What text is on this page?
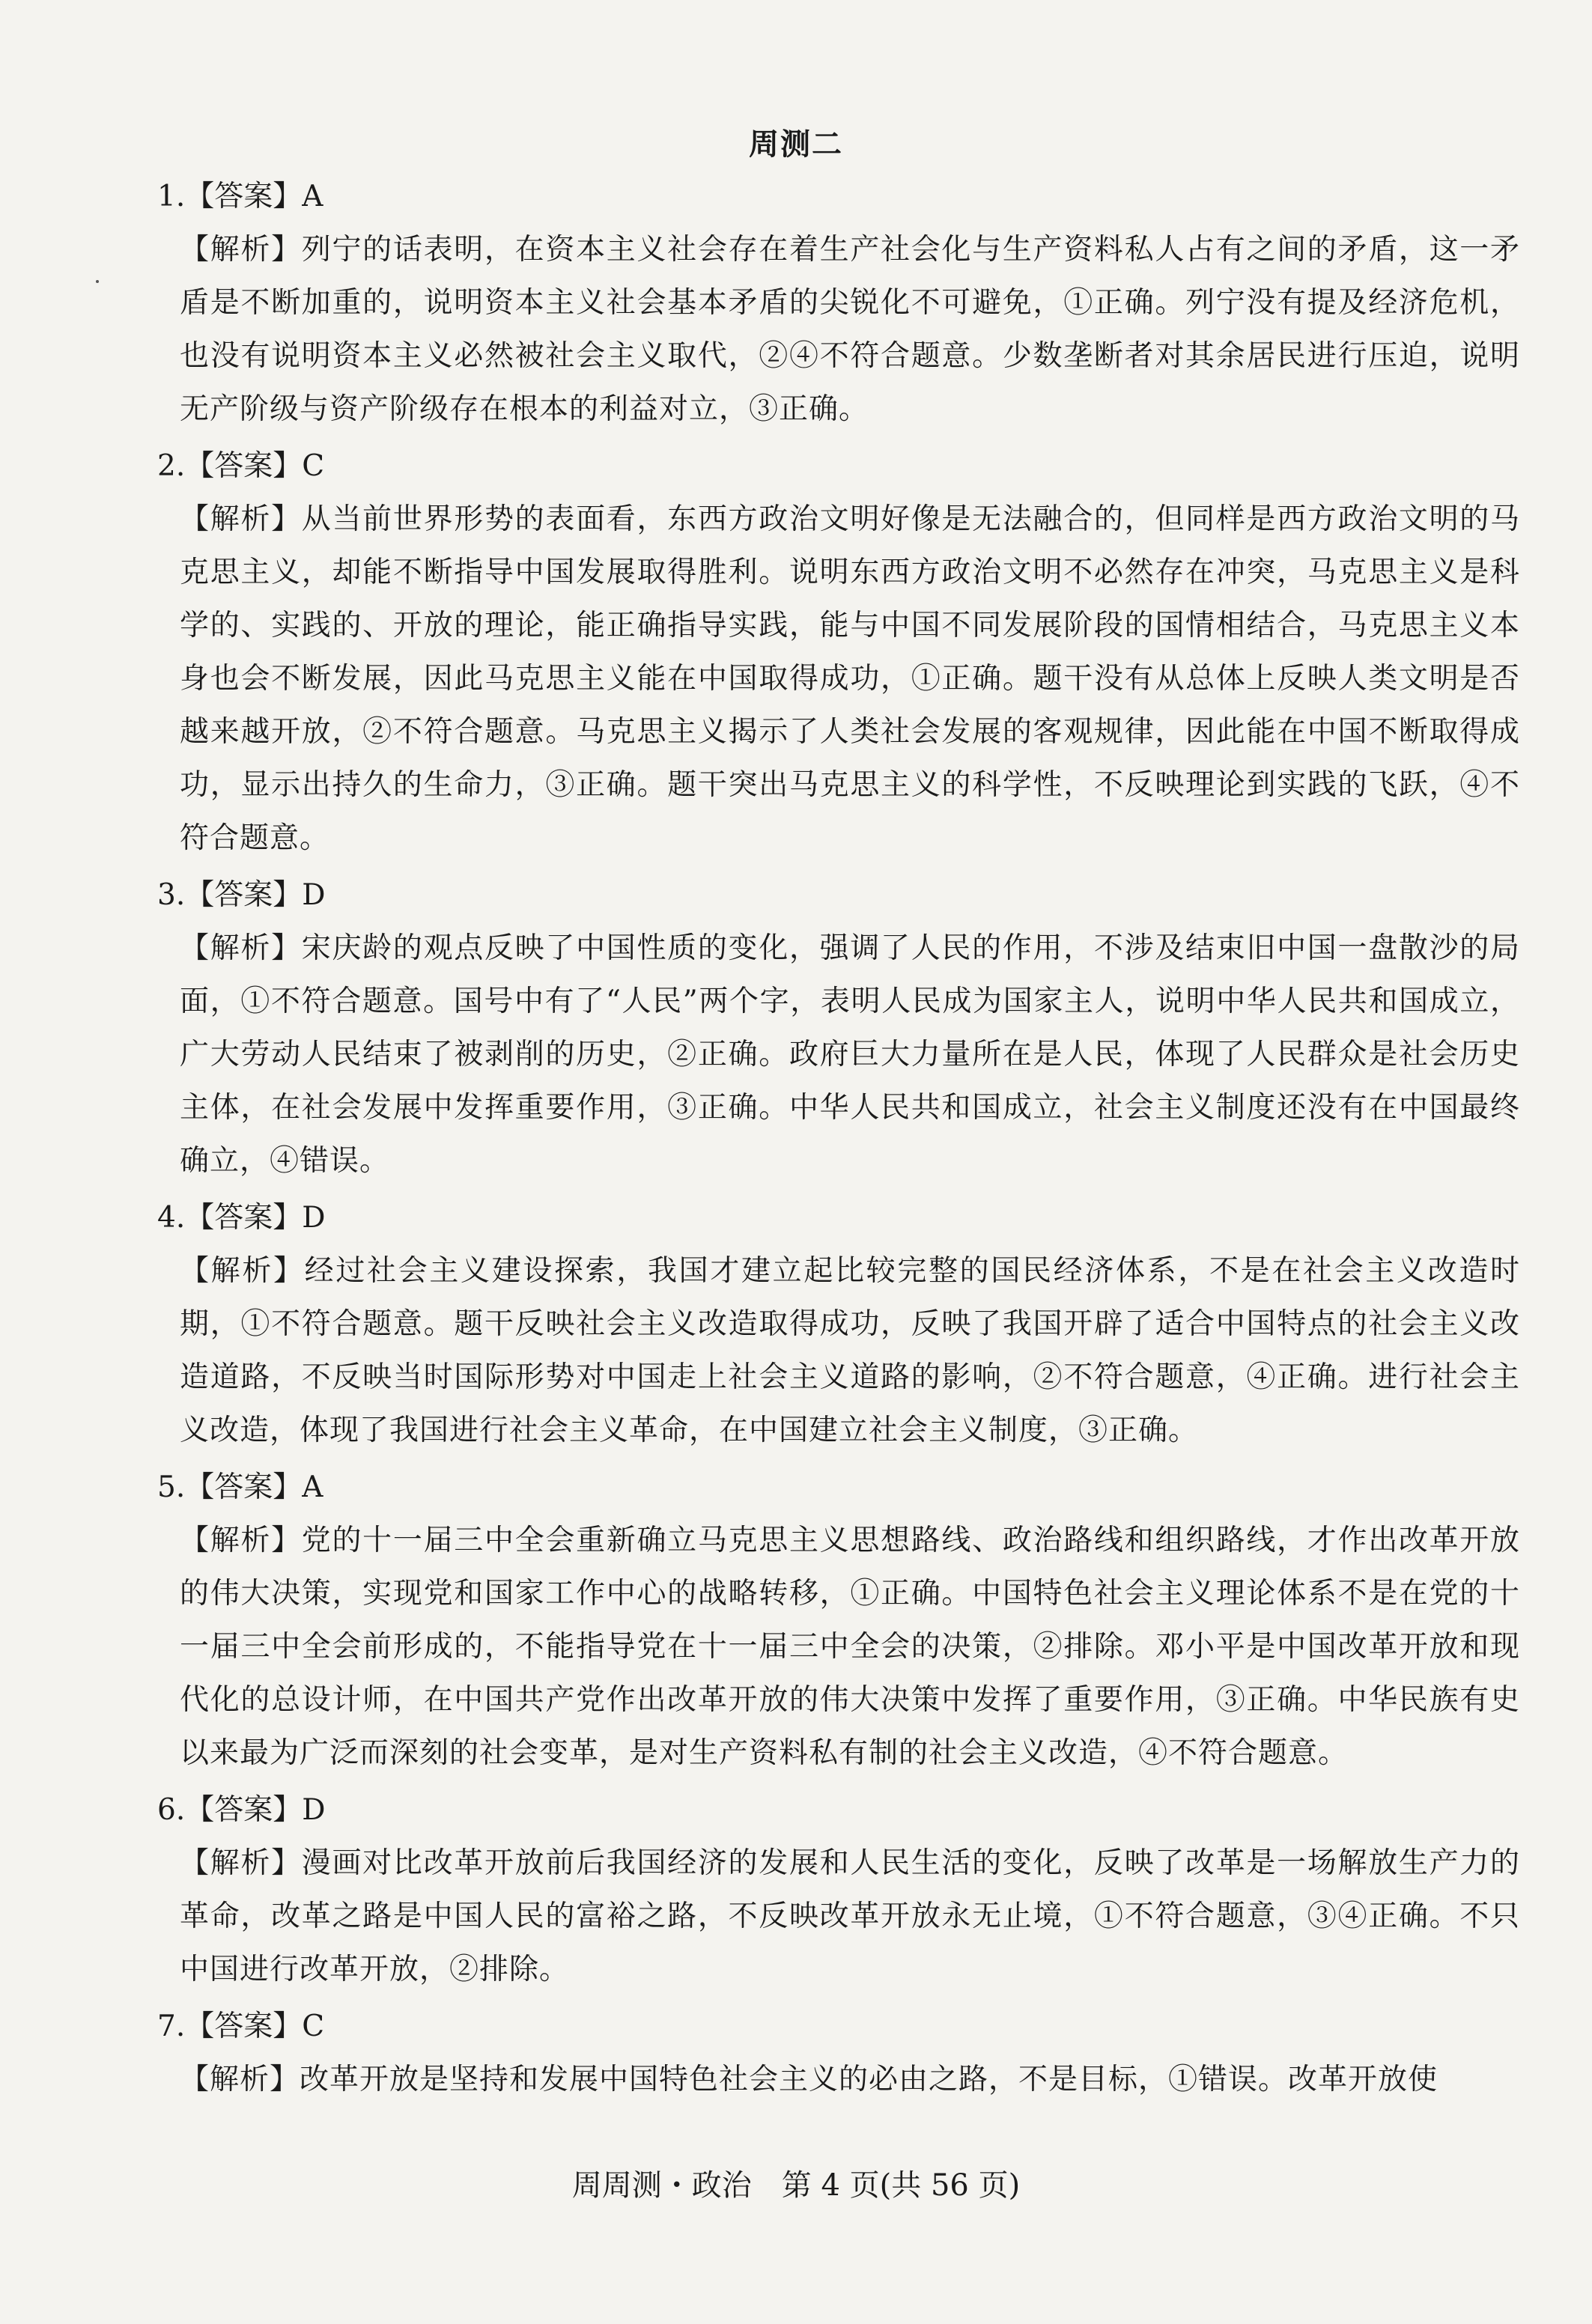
周测二
1.【答案】A
【解析】列宁的话表明，在资本主义社会存在着生产社会化与生产资料私人占有之间的矛盾，这一矛盾是不断加重的，说明资本主义社会基本矛盾的尖锐化不可避免，①正确。列宁没有提及经济危机，也没有说明资本主义必然被社会主义取代，②④不符合题意。少数垄断者对其余居民进行压迫，说明无产阶级与资产阶级存在根本的利益对立，③正确。
2.【答案】C
【解析】从当前世界形势的表面看，东西方政治文明好像是无法融合的，但同样是西方政治文明的马克思主义，却能不断指导中国发展取得胜利。说明东西方政治文明不必然存在冲突，马克思主义是科学的、实践的、开放的理论，能正确指导实践，能与中国不同发展阶段的国情相结合，马克思主义本身也会不断发展，因此马克思主义能在中国取得成功，①正确。题干没有从总体上反映人类文明是否越来越开放，②不符合题意。马克思主义揭示了人类社会发展的客观规律，因此能在中国不断取得成功，显示出持久的生命力，③正确。题干突出马克思主义的科学性，不反映理论到实践的飞跃，④不符合题意。
3.【答案】D
【解析】宋庆龄的观点反映了中国性质的变化，强调了人民的作用，不涉及结束旧中国一盘散沙的局面，①不符合题意。国号中有了“人民”两个字，表明人民成为国家主人，说明中华人民共和国成立，广大劳动人民结束了被剥削的历史，②正确。政府巨大力量所在是人民，体现了人民群众是社会历史主体，在社会发展中发挥重要作用，③正确。中华人民共和国成立，社会主义制度还没有在中国最终确立，④错误。
4.【答案】D
【解析】经过社会主义建设探索，我国才建立起比较完整的国民经济体系，不是在社会主义改造时期，①不符合题意。题干反映社会主义改造取得成功，反映了我国开辟了适合中国特点的社会主义改造道路，不反映当时国际形势对中国走上社会主义道路的影响，②不符合题意，④正确。进行社会主义改造，体现了我国进行社会主义革命，在中国建立社会主义制度，③正确。
5.【答案】A
【解析】党的十一届三中全会重新确立马克思主义思想路线、政治路线和组织路线，才作出改革开放的伟大决策，实现党和国家工作中心的战略转移，①正确。中国特色社会主义理论体系不是在党的十一届三中全会前形成的，不能指导党在十一届三中全会的决策，②排除。邓小平是中国改革开放和现代化的总设计师，在中国共产党作出改革开放的伟大决策中发挥了重要作用，③正确。中华民族有史以来最为广泛而深刻的社会变革，是对生产资料私有制的社会主义改造，④不符合题意。
6.【答案】D
【解析】漫画对比改革开放前后我国经济的发展和人民生活的变化，反映了改革是一场解放生产力的革命，改革之路是中国人民的富裕之路，不反映改革开放永无止境，①不符合题意，③④正确。不只中国进行改革开放，②排除。
7.【答案】C
【解析】改革开放是坚持和发展中国特色社会主义的必由之路，不是目标，①错误。改革开放使
周周测・政治　第 4 页(共 56 页)
